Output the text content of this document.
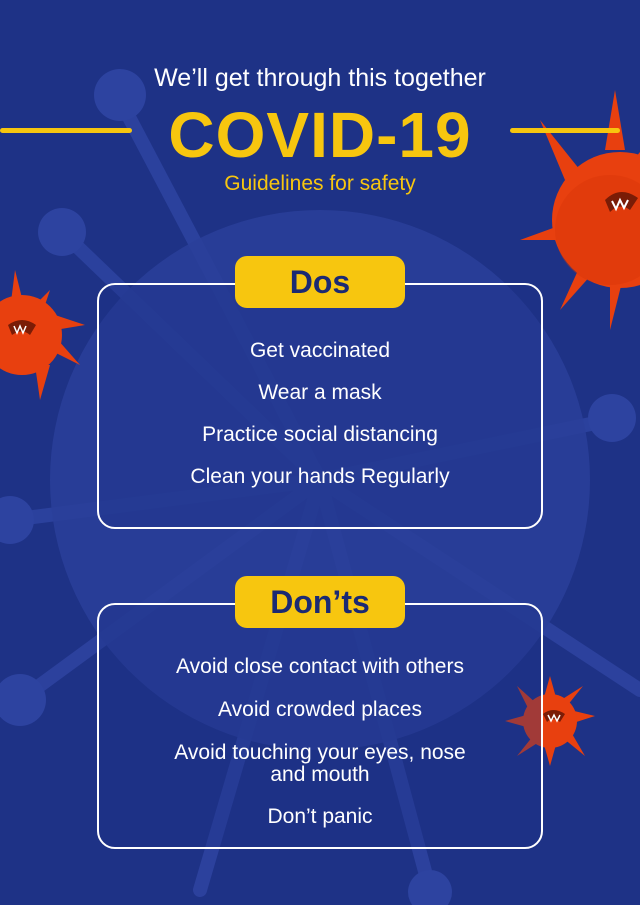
We’ll get through this together
COVID-19
Guidelines for safety
Get vaccinated
Wear a mask
Practice social distancing
Clean your hands Regularly
Dos
Avoid close contact with others
Avoid crowded places
Avoid touching your eyes, nose
and mouth
Don’t panic
Don’ts
